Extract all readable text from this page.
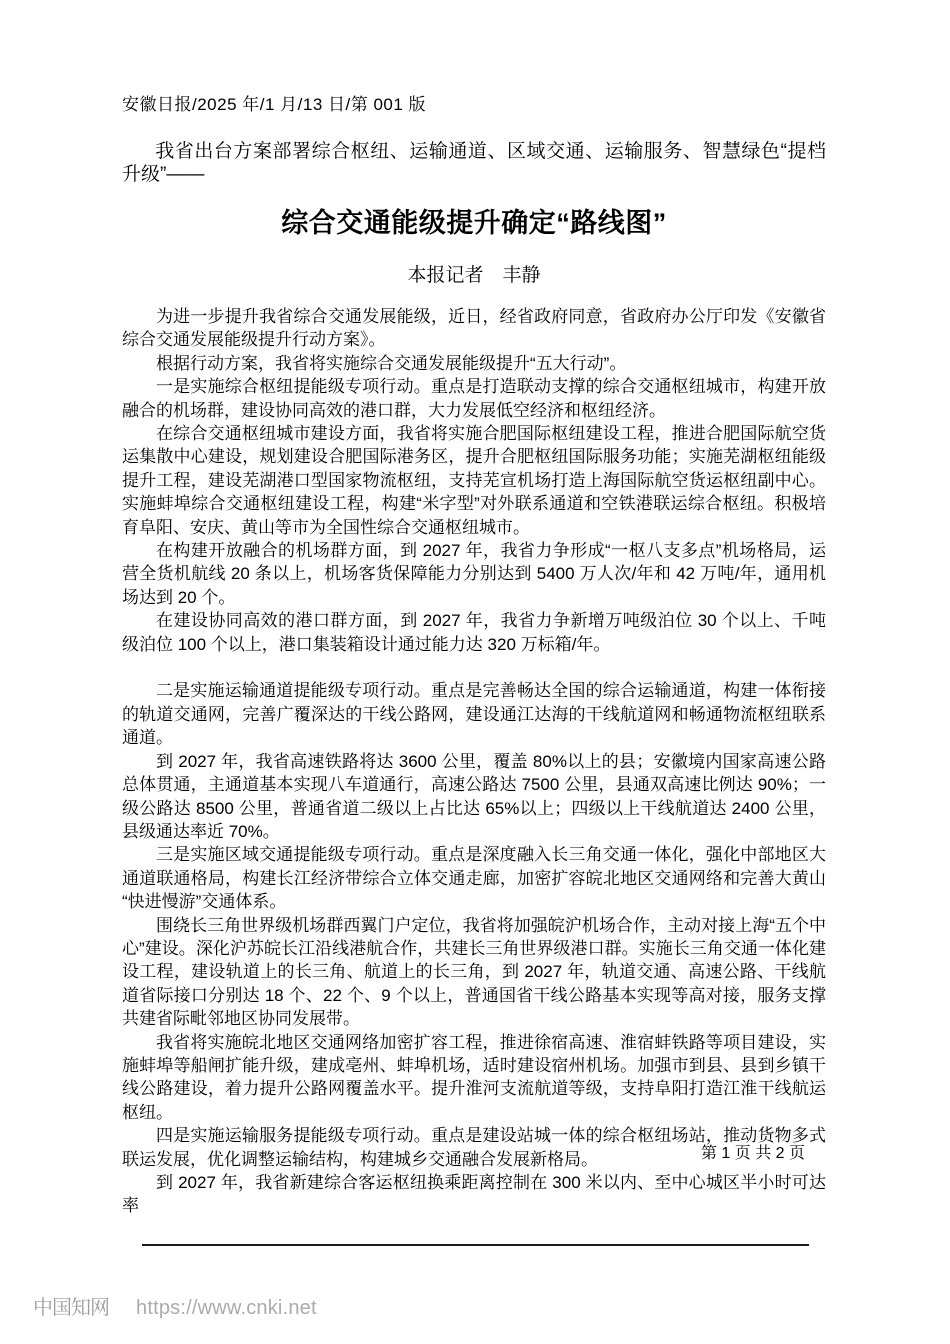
安徽日报/2025 年/1 月/13 日/第 001 版

我省出台方案部署综合枢纽、运输通道、区域交通、运输服务、智慧绿色“提档升级”——

综合交通能级提升确定“路线图”
本报记者　丰静

为进一步提升我省综合交通发展能级，近日，经省政府同意，省政府办公厅印发《安徽省综合交通发展能级提升行动方案》。

根据行动方案，我省将实施综合交通发展能级提升“五大行动”。

一是实施综合枢纽提能级专项行动。重点是打造联动支撑的综合交通枢纽城市，构建开放融合的机场群，建设协同高效的港口群，大力发展低空经济和枢纽经济。

在综合交通枢纽城市建设方面，我省将实施合肥国际枢纽建设工程，推进合肥国际航空货运集散中心建设，规划建设合肥国际港务区，提升合肥枢纽国际服务功能；实施芜湖枢纽能级提升工程，建设芜湖港口型国家物流枢纽，支持芜宣机场打造上海国际航空货运枢纽副中心。实施蚌埠综合交通枢纽建设工程，构建“米字型”对外联系通道和空铁港联运综合枢纽。积极培育阜阳、安庆、黄山等市为全国性综合交通枢纽城市。

在构建开放融合的机场群方面，到 2027 年，我省力争形成“一枢八支多点”机场格局，运营全货机航线 20 条以上，机场客货保障能力分别达到 5400 万人次/年和 42 万吨/年，通用机场达到 20 个。

在建设协同高效的港口群方面，到 2027 年，我省力争新增万吨级泊位 30 个以上、千吨级泊位 100 个以上，港口集装箱设计通过能力达 320 万标箱/年。

二是实施运输通道提能级专项行动。重点是完善畅达全国的综合运输通道，构建一体衔接的轨道交通网，完善广覆深达的干线公路网，建设通江达海的干线航道网和畅通物流枢纽联系通道。

到 2027 年，我省高速铁路将达 3600 公里，覆盖 80%以上的县；安徽境内国家高速公路总体贯通，主通道基本实现八车道通行，高速公路达 7500 公里，县通双高速比例达 90%；一级公路达 8500 公里，普通省道二级以上占比达 65%以上；四级以上干线航道达 2400 公里，县级通达率近 70%。

三是实施区域交通提能级专项行动。重点是深度融入长三角交通一体化，强化中部地区大通道联通格局，构建长江经济带综合立体交通走廊，加密扩容皖北地区交通网络和完善大黄山“快进慢游”交通体系。

围绕长三角世界级机场群西翼门户定位，我省将加强皖沪机场合作，主动对接上海“五个中心”建设。深化沪苏皖长江沿线港航合作，共建长三角世界级港口群。实施长三角交通一体化建设工程，建设轨道上的长三角、航道上的长三角，到 2027 年，轨道交通、高速公路、干线航道省际接口分别达 18 个、22 个、9 个以上，普通国省干线公路基本实现等高对接，服务支撑共建省际毗邻地区协同发展带。

我省将实施皖北地区交通网络加密扩容工程，推进徐宿高速、淮宿蚌铁路等项目建设，实施蚌埠等船闸扩能升级，建成亳州、蚌埠机场，适时建设宿州机场。加强市到县、县到乡镇干线公路建设，着力提升公路网覆盖水平。提升淮河支流航道等级，支持阜阳打造江淮干线航运枢纽。

四是实施运输服务提能级专项行动。重点是建设站城一体的综合枢纽场站，推动货物多式联运发展，优化调整运输结构，构建城乡交通融合发展新格局。

到 2027 年，我省新建综合客运枢纽换乘距离控制在 300 米以内、至中心城区半小时可达率

第 1 页 共 2 页
中国知网 https://www.cnki.net
